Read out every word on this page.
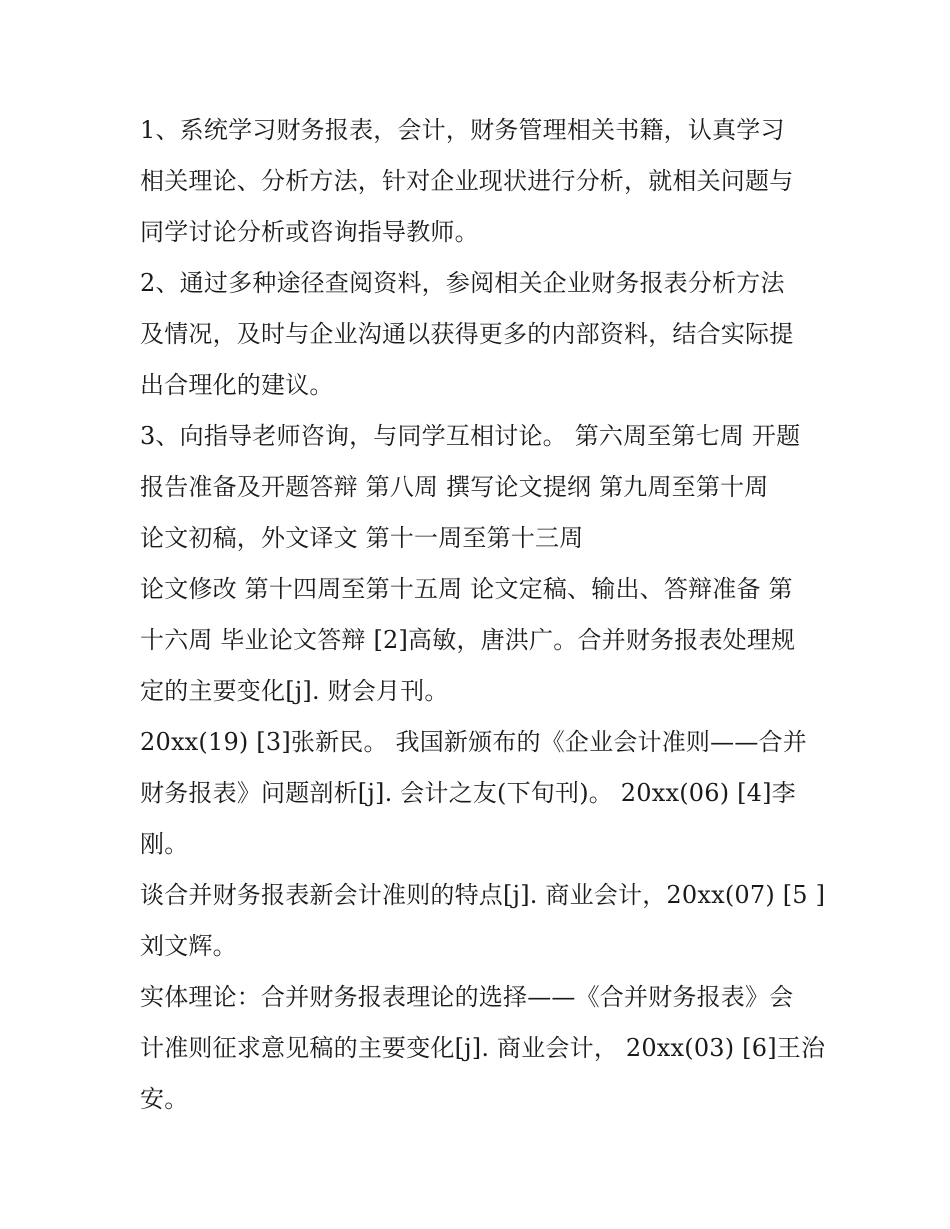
1、系统学习财务报表，会计，财务管理相关书籍，认真学习
相关理论、分析方法，针对企业现状进行分析，就相关问题与
同学讨论分析或咨询指导教师。
2、通过多种途径查阅资料，参阅相关企业财务报表分析方法
及情况，及时与企业沟通以获得更多的内部资料，结合实际提
出合理化的建议。
3、向指导老师咨询，与同学互相讨论。 第六周至第七周 开题
报告准备及开题答辩 第八周 撰写论文提纲 第九周至第十周
论文初稿，外文译文 第十一周至第十三周
论文修改 第十四周至第十五周 论文定稿、输出、答辩准备 第
十六周 毕业论文答辩 [2]高敏，唐洪广。合并财务报表处理规
定的主要变化[j]. 财会月刊。
20xx(19) [3]张新民。 我国新颁布的《企业会计准则——合并
财务报表》问题剖析[j]. 会计之友(下旬刊)。 20xx(06) [4]李
刚。
谈合并财务报表新会计准则的特点[j]. 商业会计，20xx(07) [5 ]
刘文辉。
实体理论：合并财务报表理论的选择——《合并财务报表》会
计准则征求意见稿的主要变化[j]. 商业会计， 20xx(03) [6]王治
安。
